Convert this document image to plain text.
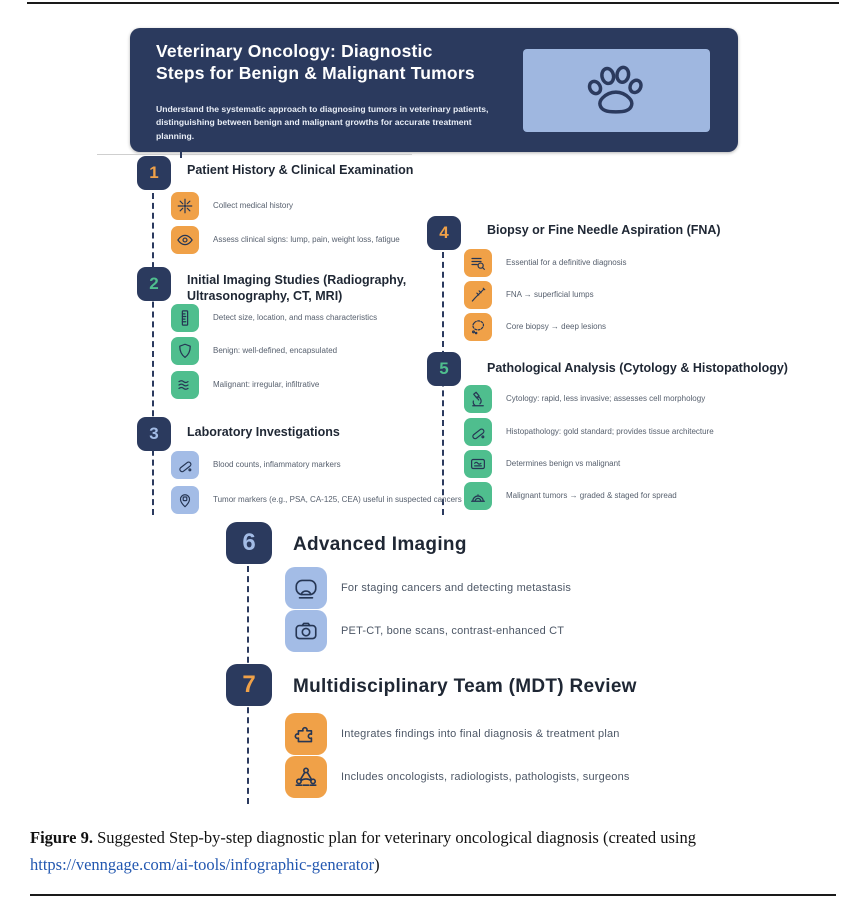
Veterinary Oncology: Diagnostic Steps for Benign & Malignant Tumors
Understand the systematic approach to diagnosing tumors in veterinary patients, distinguishing between benign and malignant growths for accurate treatment planning.
1 Patient History & Clinical Examination
Collect medical history
Assess clinical signs: lump, pain, weight loss, fatigue
2 Initial Imaging Studies (Radiography, Ultrasonography, CT, MRI)
Detect size, location, and mass characteristics
Benign: well-defined, encapsulated
Malignant: irregular, infiltrative
3 Laboratory Investigations
Blood counts, inflammatory markers
Tumor markers (e.g., PSA, CA-125, CEA) useful in suspected cancers
4	Biopsy or Fine Needle Aspiration (FNA)
Essential for a definitive diagnosis
FNA → superficial lumps
Core biopsy → deep lesions
5	Pathological Analysis (Cytology & Histopathology)
Cytology: rapid, less invasive; assesses cell morphology
Histopathology: gold standard; provides tissue architecture
Determines benign vs malignant
Malignant tumors → graded & staged for spread
6 Advanced Imaging
For staging cancers and detecting metastasis
PET-CT, bone scans, contrast-enhanced CT
7 Multidisciplinary Team (MDT) Review
Integrates findings into final diagnosis & treatment plan
Includes oncologists, radiologists, pathologists, surgeons
Figure 9. Suggested Step-by-step diagnostic plan for veterinary oncological diagnosis (created using
https://venngage.com/ai-tools/infographic-generator)
